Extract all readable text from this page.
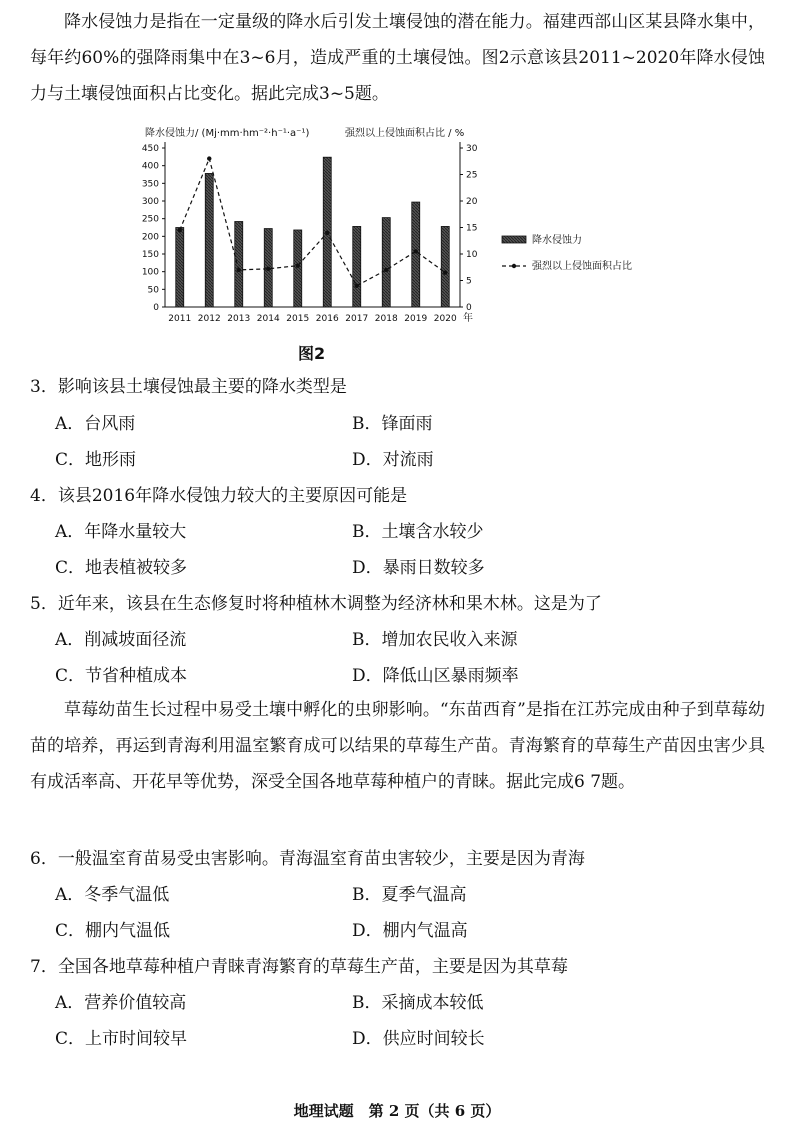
降水侵蚀力是指在一定量级的降水后引发土壤侵蚀的潜在能力。福建西部山区某县降水集中，每年约60%的强降雨集中在3~6月，造成严重的土壤侵蚀。图2示意该县2011~2020年降水侵蚀力与土壤侵蚀面积占比变化。据此完成3~5题。

0
50
100
150
200
250
300
350
400
450
0
5
10
15
20
25
30
降水侵蚀力/ (Mj·mm·hm⁻²·h⁻¹·a⁻¹)	强烈以上侵蚀面积占比 / %
2011 2012 2013 2014 2015 2016 2017 2018 2019 2020 年
降水侵蚀力
强烈以上侵蚀面积占比
图2

3．影响该县土壤侵蚀最主要的降水类型是

A．台风雨	B．锋面雨

C．地形雨	D．对流雨

4．该县2016年降水侵蚀力较大的主要原因可能是

A．年降水量较大	B．土壤含水较少

C．地表植被较多	D．暴雨日数较多

5．近年来，该县在生态修复时将种植林木调整为经济林和果木林。这是为了

A．削减坡面径流	B．增加农民收入来源

C．节省种植成本	D．降低山区暴雨频率

草莓幼苗生长过程中易受土壤中孵化的虫卵影响。“东苗西育”是指在江苏完成由种子到草莓幼苗的培养，再运到青海利用温室繁育成可以结果的草莓生产苗。青海繁育的草莓生产苗因虫害少具有成活率高、开花早等优势，深受全国各地草莓种植户的青睐。据此完成6 7题。

6．一般温室育苗易受虫害影响。青海温室育苗虫害较少，主要是因为青海

A．冬季气温低	B．夏季气温高

C．棚内气温低	D．棚内气温高

7．全国各地草莓种植户青睐青海繁育的草莓生产苗，主要是因为其草莓

A．营养价值较高	B．采摘成本较低

C．上市时间较早	D．供应时间较长

地理试题　第 2 页（共 6 页）
